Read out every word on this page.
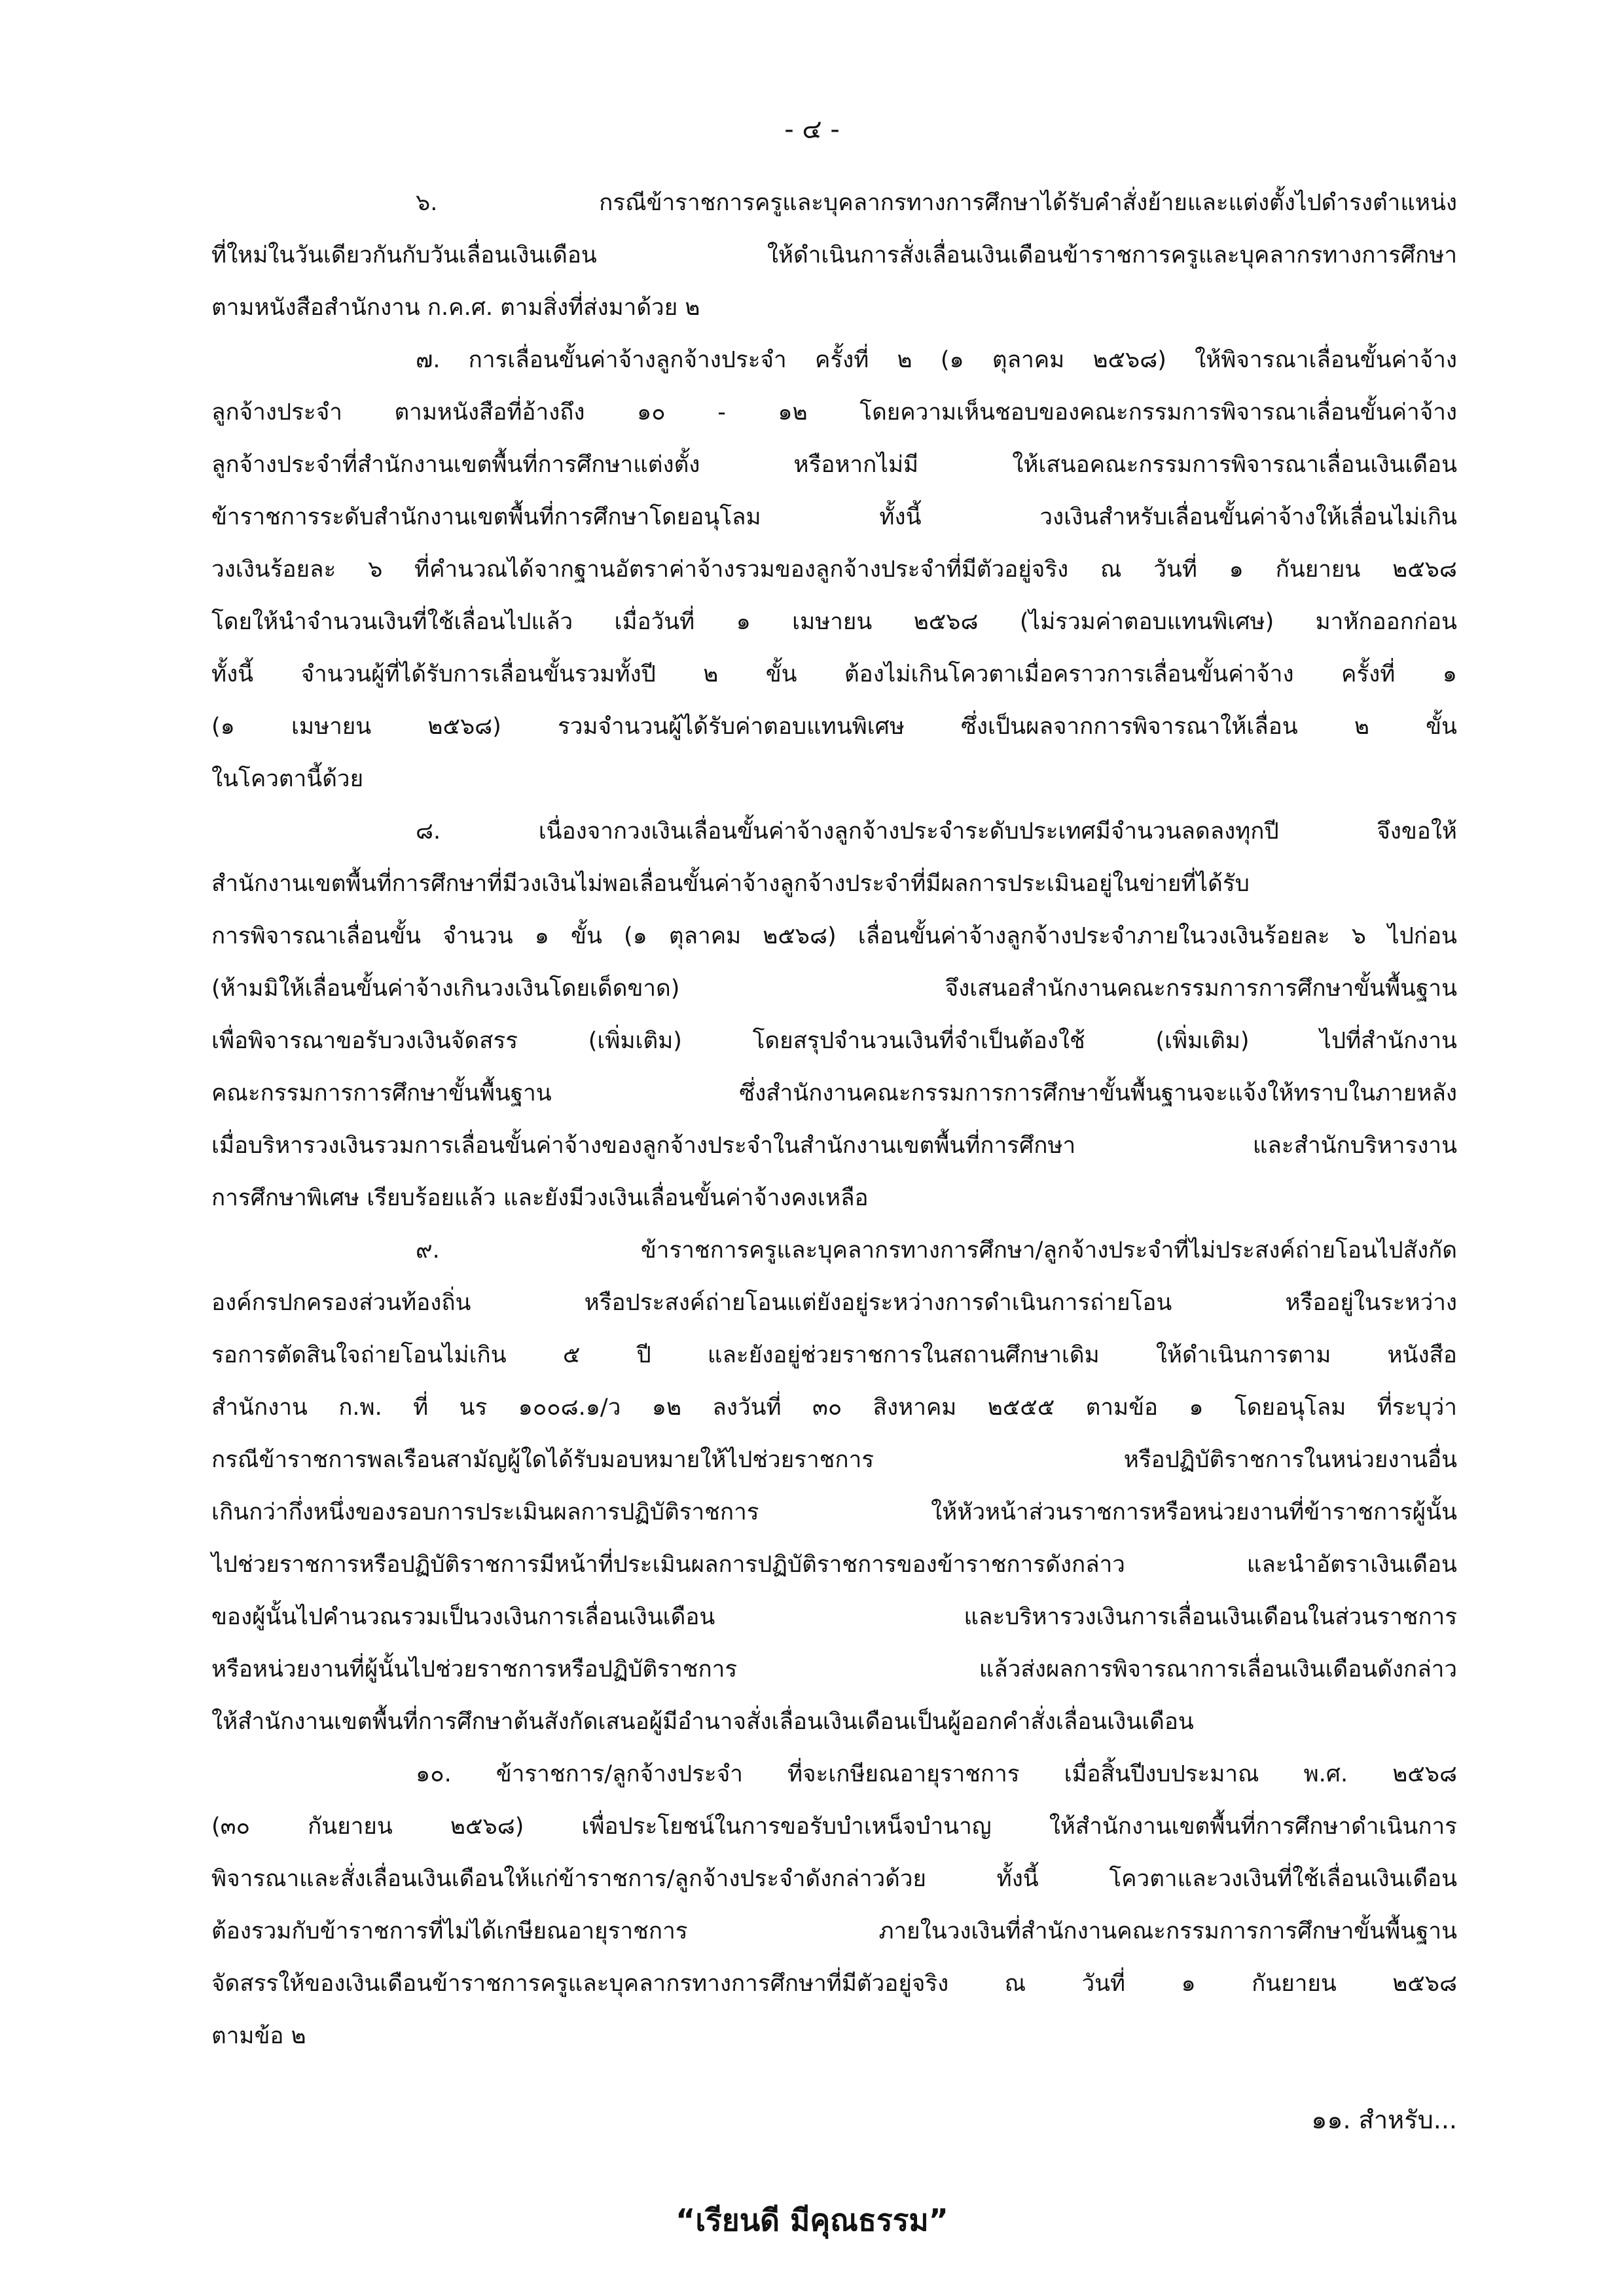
- ๔ -
๖.	กรณีข้าราชการครูและบุคลากรทางการศึกษาได้รับคำสั่งย้ายและแต่งตั้งไปดำรงตำแหน่ง
ที่ใหม่ในวันเดียวกันกับวันเลื่อนเงินเดือน	ให้ดำเนินการสั่งเลื่อนเงินเดือนข้าราชการครูและบุคลากรทางการศึกษา
ตามหนังสือสำนักงาน ก.ค.ศ. ตามสิ่งที่ส่งมาด้วย ๒
๗. การเลื่อนขั้นค่าจ้างลูกจ้างประจำ ครั้งที่ ๒ (๑ ตุลาคม ๒๕๖๘) ให้พิจารณาเลื่อนขั้นค่าจ้าง
ลูกจ้างประจำ ตามหนังสือที่อ้างถึง ๑๐ - ๑๒ โดยความเห็นชอบของคณะกรรมการพิจารณาเลื่อนขั้นค่าจ้าง
ลูกจ้างประจำที่สำนักงานเขตพื้นที่การศึกษาแต่งตั้ง	หรือหากไม่มี	ให้เสนอคณะกรรมการพิจารณาเลื่อนเงินเดือน
ข้าราชการระดับสำนักงานเขตพื้นที่การศึกษาโดยอนุโลม	ทั้งนี้	วงเงินสำหรับเลื่อนขั้นค่าจ้างให้เลื่อนไม่เกิน
วงเงินร้อยละ ๖ ที่คำนวณได้จากฐานอัตราค่าจ้างรวมของลูกจ้างประจำที่มีตัวอยู่จริง ณ วันที่ ๑ กันยายน ๒๕๖๘
โดยให้นำจำนวนเงินที่ใช้เลื่อนไปแล้ว เมื่อวันที่ ๑ เมษายน ๒๕๖๘ (ไม่รวมค่าตอบแทนพิเศษ) มาหักออกก่อน
ทั้งนี้ จำนวนผู้ที่ได้รับการเลื่อนขั้นรวมทั้งปี ๒ ขั้น ต้องไม่เกินโควตาเมื่อคราวการเลื่อนขั้นค่าจ้าง ครั้งที่ ๑
(๑ เมษายน ๒๕๖๘) รวมจำนวนผู้ได้รับค่าตอบแทนพิเศษ ซึ่งเป็นผลจากการพิจารณาให้เลื่อน ๒ ขั้น
ในโควตานี้ด้วย
๘.	เนื่องจากวงเงินเลื่อนขั้นค่าจ้างลูกจ้างประจำระดับประเทศมีจำนวนลดลงทุกปี	จึงขอให้
สำนักงานเขตพื้นที่การศึกษาที่มีวงเงินไม่พอเลื่อนขั้นค่าจ้างลูกจ้างประจำที่มีผลการประเมินอยู่ในข่ายที่ได้รับ
การพิจารณาเลื่อนขั้น จำนวน ๑ ขั้น (๑ ตุลาคม ๒๕๖๘) เลื่อนขั้นค่าจ้างลูกจ้างประจำภายในวงเงินร้อยละ ๖ ไปก่อน
(ห้ามมิให้เลื่อนขั้นค่าจ้างเกินวงเงินโดยเด็ดขาด)	จึงเสนอสำนักงานคณะกรรมการการศึกษาขั้นพื้นฐาน
เพื่อพิจารณาขอรับวงเงินจัดสรร	(เพิ่มเติม)	โดยสรุปจำนวนเงินที่จำเป็นต้องใช้	(เพิ่มเติม)	ไปที่สำนักงาน
คณะกรรมการการศึกษาขั้นพื้นฐาน	ซึ่งสำนักงานคณะกรรมการการศึกษาขั้นพื้นฐานจะแจ้งให้ทราบในภายหลัง
เมื่อบริหารวงเงินรวมการเลื่อนขั้นค่าจ้างของลูกจ้างประจำในสำนักงานเขตพื้นที่การศึกษา	และสำนักบริหารงาน
การศึกษาพิเศษ เรียบร้อยแล้ว และยังมีวงเงินเลื่อนขั้นค่าจ้างคงเหลือ
๙.	ข้าราชการครูและบุคลากรทางการศึกษา/ลูกจ้างประจำที่ไม่ประสงค์ถ่ายโอนไปสังกัด
องค์กรปกครองส่วนท้องถิ่น	หรือประสงค์ถ่ายโอนแต่ยังอยู่ระหว่างการดำเนินการถ่ายโอน	หรืออยู่ในระหว่าง
รอการตัดสินใจถ่ายโอนไม่เกิน ๕ ปี และยังอยู่ช่วยราชการในสถานศึกษาเดิม ให้ดำเนินการตาม หนังสือ
สำนักงาน ก.พ. ที่ นร ๑๐๐๘.๑/ว ๑๒ ลงวันที่ ๓๐ สิงหาคม ๒๕๕๕ ตามข้อ ๑ โดยอนุโลม ที่ระบุว่า
กรณีข้าราชการพลเรือนสามัญผู้ใดได้รับมอบหมายให้ไปช่วยราชการ	หรือปฏิบัติราชการในหน่วยงานอื่น
เกินกว่ากึ่งหนึ่งของรอบการประเมินผลการปฏิบัติราชการ	ให้หัวหน้าส่วนราชการหรือหน่วยงานที่ข้าราชการผู้นั้น
ไปช่วยราชการหรือปฏิบัติราชการมีหน้าที่ประเมินผลการปฏิบัติราชการของข้าราชการดังกล่าว	และนำอัตราเงินเดือน
ของผู้นั้นไปคำนวณรวมเป็นวงเงินการเลื่อนเงินเดือน	และบริหารวงเงินการเลื่อนเงินเดือนในส่วนราชการ
หรือหน่วยงานที่ผู้นั้นไปช่วยราชการหรือปฏิบัติราชการ	แล้วส่งผลการพิจารณาการเลื่อนเงินเดือนดังกล่าว
ให้สำนักงานเขตพื้นที่การศึกษาต้นสังกัดเสนอผู้มีอำนาจสั่งเลื่อนเงินเดือนเป็นผู้ออกคำสั่งเลื่อนเงินเดือน
๑๐. ข้าราชการ/ลูกจ้างประจำ ที่จะเกษียณอายุราชการ เมื่อสิ้นปีงบประมาณ พ.ศ. ๒๕๖๘
(๓๐	กันยายน	๒๕๖๘)	เพื่อประโยชน์ในการขอรับบำเหน็จบำนาญ	ให้สำนักงานเขตพื้นที่การศึกษาดำเนินการ
พิจารณาและสั่งเลื่อนเงินเดือนให้แก่ข้าราชการ/ลูกจ้างประจำดังกล่าวด้วย	ทั้งนี้	โควตาและวงเงินที่ใช้เลื่อนเงินเดือน
ต้องรวมกับข้าราชการที่ไม่ได้เกษียณอายุราชการ	ภายในวงเงินที่สำนักงานคณะกรรมการการศึกษาขั้นพื้นฐาน
จัดสรรให้ของเงินเดือนข้าราชการครูและบุคลากรทางการศึกษาที่มีตัวอยู่จริง ณ วันที่ ๑ กันยายน ๒๕๖๘
ตามข้อ ๒
๑๑. สำหรับ...
“เรียนดี มีคุณธรรม”
